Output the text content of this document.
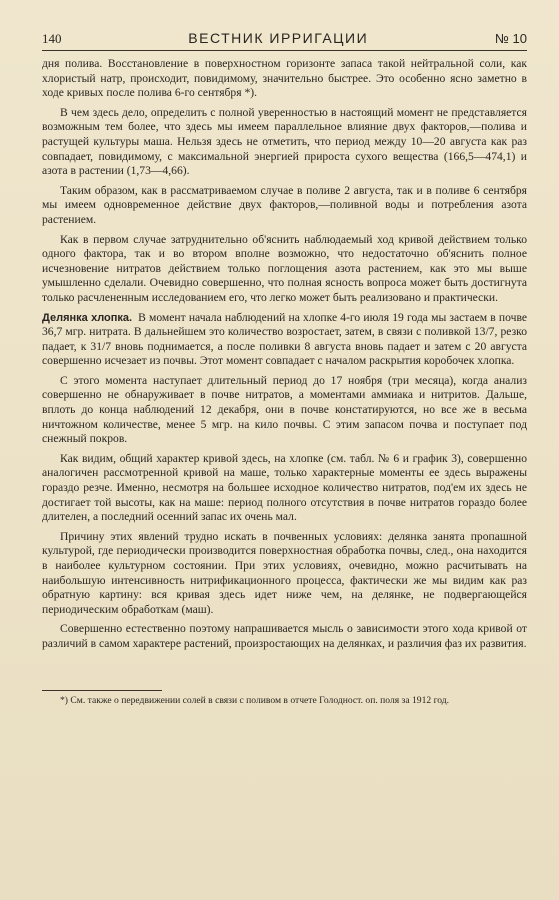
140	ВЕСТНИК ИРРИГАЦИИ	№ 10

дня полива. Восстановление в поверхностном горизонте запаса такой нейтральной соли, как хлористый натр, происходит, повидимому, значительно быстрее. Это особенно ясно заметно в ходе кривых после полива 6-го сентября *).

В чем здесь дело, определить с полной уверенностью в настоящий момент не представляется возможным тем более, что здесь мы имеем параллельное влияние двух факторов,—полива и растущей культуры маша. Нельзя здесь не отметить, что период между 10—20 августа как раз совпадает, повидимому, с максимальной энергией прироста сухого вещества (166,5—474,1) и азота в растении (1,73—4,66).

Таким образом, как в рассматриваемом случае в поливе 2 августа, так и в поливе 6 сентября мы имеем одновременное действие двух факторов,—поливной воды и потребления азота растением.

Как в первом случае затруднительно об'яснить наблюдаемый ход кривой действием только одного фактора, так и во втором вполне возможно, что недостаточно об'яснить полное исчезновение нитратов действием только поглощения азота растением, как это мы выше умышленно сделали. Очевидно совершенно, что полная ясность вопроса может быть достигнута только расчлененным исследованием его, что легко может быть реализовано и практически.

Делянка хлопка. В момент начала наблюдений на хлопке 4-го июля 19 года мы застаем в почве 36,7 мгр. нитрата. В дальнейшем это количество возростает, затем, в связи с поливкой 13/7, резко падает, к 31/7 вновь поднимается, а после поливки 8 августа вновь падает и затем с 20 августа совершенно исчезает из почвы. Этот момент совпадает с началом раскрытия коробочек хлопка.

С этого момента наступает длительный период до 17 ноября (три месяца), когда анализ совершенно не обнаруживает в почве нитратов, а моментами аммиака и нитритов. Дальше, вплоть до конца наблюдений 12 декабря, они в почве констатируются, но все же в весьма ничтожном количестве, менее 5 мгр. на кило почвы. С этим запасом почва и поступает под снежный покров.

Как видим, общий характер кривой здесь, на хлопке (см. табл. № 6 и график 3), совершенно аналогичен рассмотренной кривой на маше, только характерные моменты ее здесь выражены гораздо резче. Именно, несмотря на большее исходное количество нитратов, под'ем их здесь не достигает той высоты, как на маше: период полного отсутствия в почве нитратов гораздо более длителен, а последний осенний запас их очень мал.

Причину этих явлений трудно искать в почвенных условиях: делянка занята пропашной культурой, где периодически производится поверхностная обработка почвы, след., она находится в наиболее культурном состоянии. При этих условиях, очевидно, можно расчитывать на наибольшую интенсивность нитрификационного процесса, фактически же мы видим как раз обратную картину: вся кривая здесь идет ниже чем, на делянке, не подвергающейся периодическим обработкам (маш).

Совершенно естественно поэтому напрашивается мысль о зависимости этого хода кривой от различий в самом характере растений, произростающих на делянках, и различия фаз их развития.

*) См. также о передвижении солей в связи с поливом в отчете Голодност. оп. поля за 1912 год.
